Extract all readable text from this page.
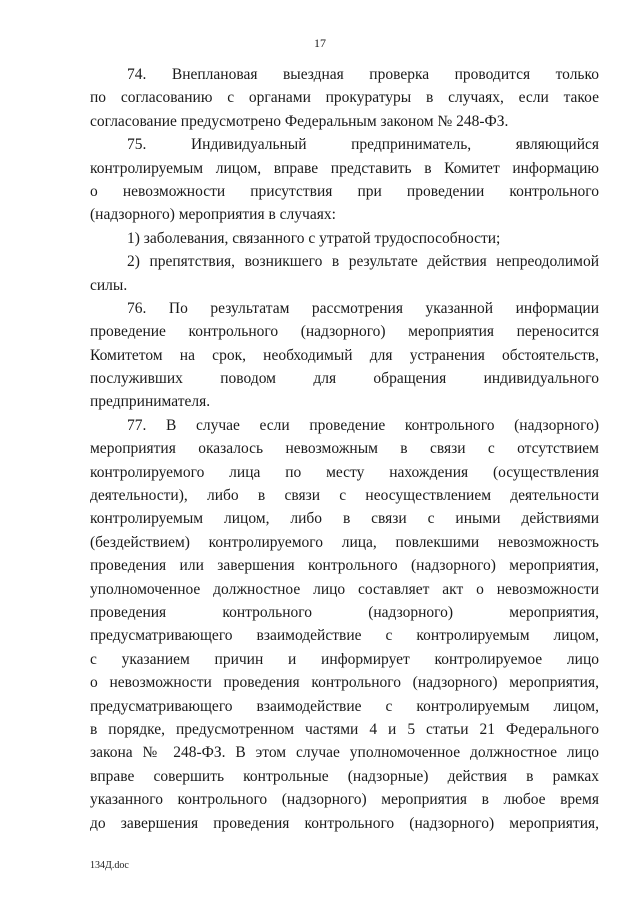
17
74. Внеплановая выездная проверка проводится только
по согласованию с органами прокуратуры в случаях, если такое
согласование предусмотрено Федеральным законом № 248-ФЗ.
75. Индивидуальный предприниматель, являющийся
контролируемым лицом, вправе представить в Комитет информацию
о невозможности присутствия при проведении контрольного
(надзорного) мероприятия в случаях:
1) заболевания, связанного с утратой трудоспособности;
2) препятствия, возникшего в результате действия непреодолимой
силы.
76. По результатам рассмотрения указанной информации
проведение контрольного (надзорного) мероприятия переносится
Комитетом на срок, необходимый для устранения обстоятельств,
послуживших поводом для обращения индивидуального
предпринимателя.
77. В случае если проведение контрольного (надзорного)
мероприятия оказалось невозможным в связи с отсутствием
контролируемого лица по месту нахождения (осуществления
деятельности), либо в связи с неосуществлением деятельности
контролируемым лицом, либо в связи с иными действиями
(бездействием) контролируемого лица, повлекшими невозможность
проведения или завершения контрольного (надзорного) мероприятия,
уполномоченное должностное лицо составляет акт о невозможности
проведения контрольного (надзорного) мероприятия,
предусматривающего взаимодействие с контролируемым лицом,
с указанием причин и информирует контролируемое лицо
о невозможности проведения контрольного (надзорного) мероприятия,
предусматривающего взаимодействие с контролируемым лицом,
в порядке, предусмотренном частями 4 и 5 статьи 21 Федерального
закона № 248-ФЗ. В этом случае уполномоченное должностное лицо
вправе совершить контрольные (надзорные) действия в рамках
указанного контрольного (надзорного) мероприятия в любое время
до завершения проведения контрольного (надзорного) мероприятия,
134Д.doc
